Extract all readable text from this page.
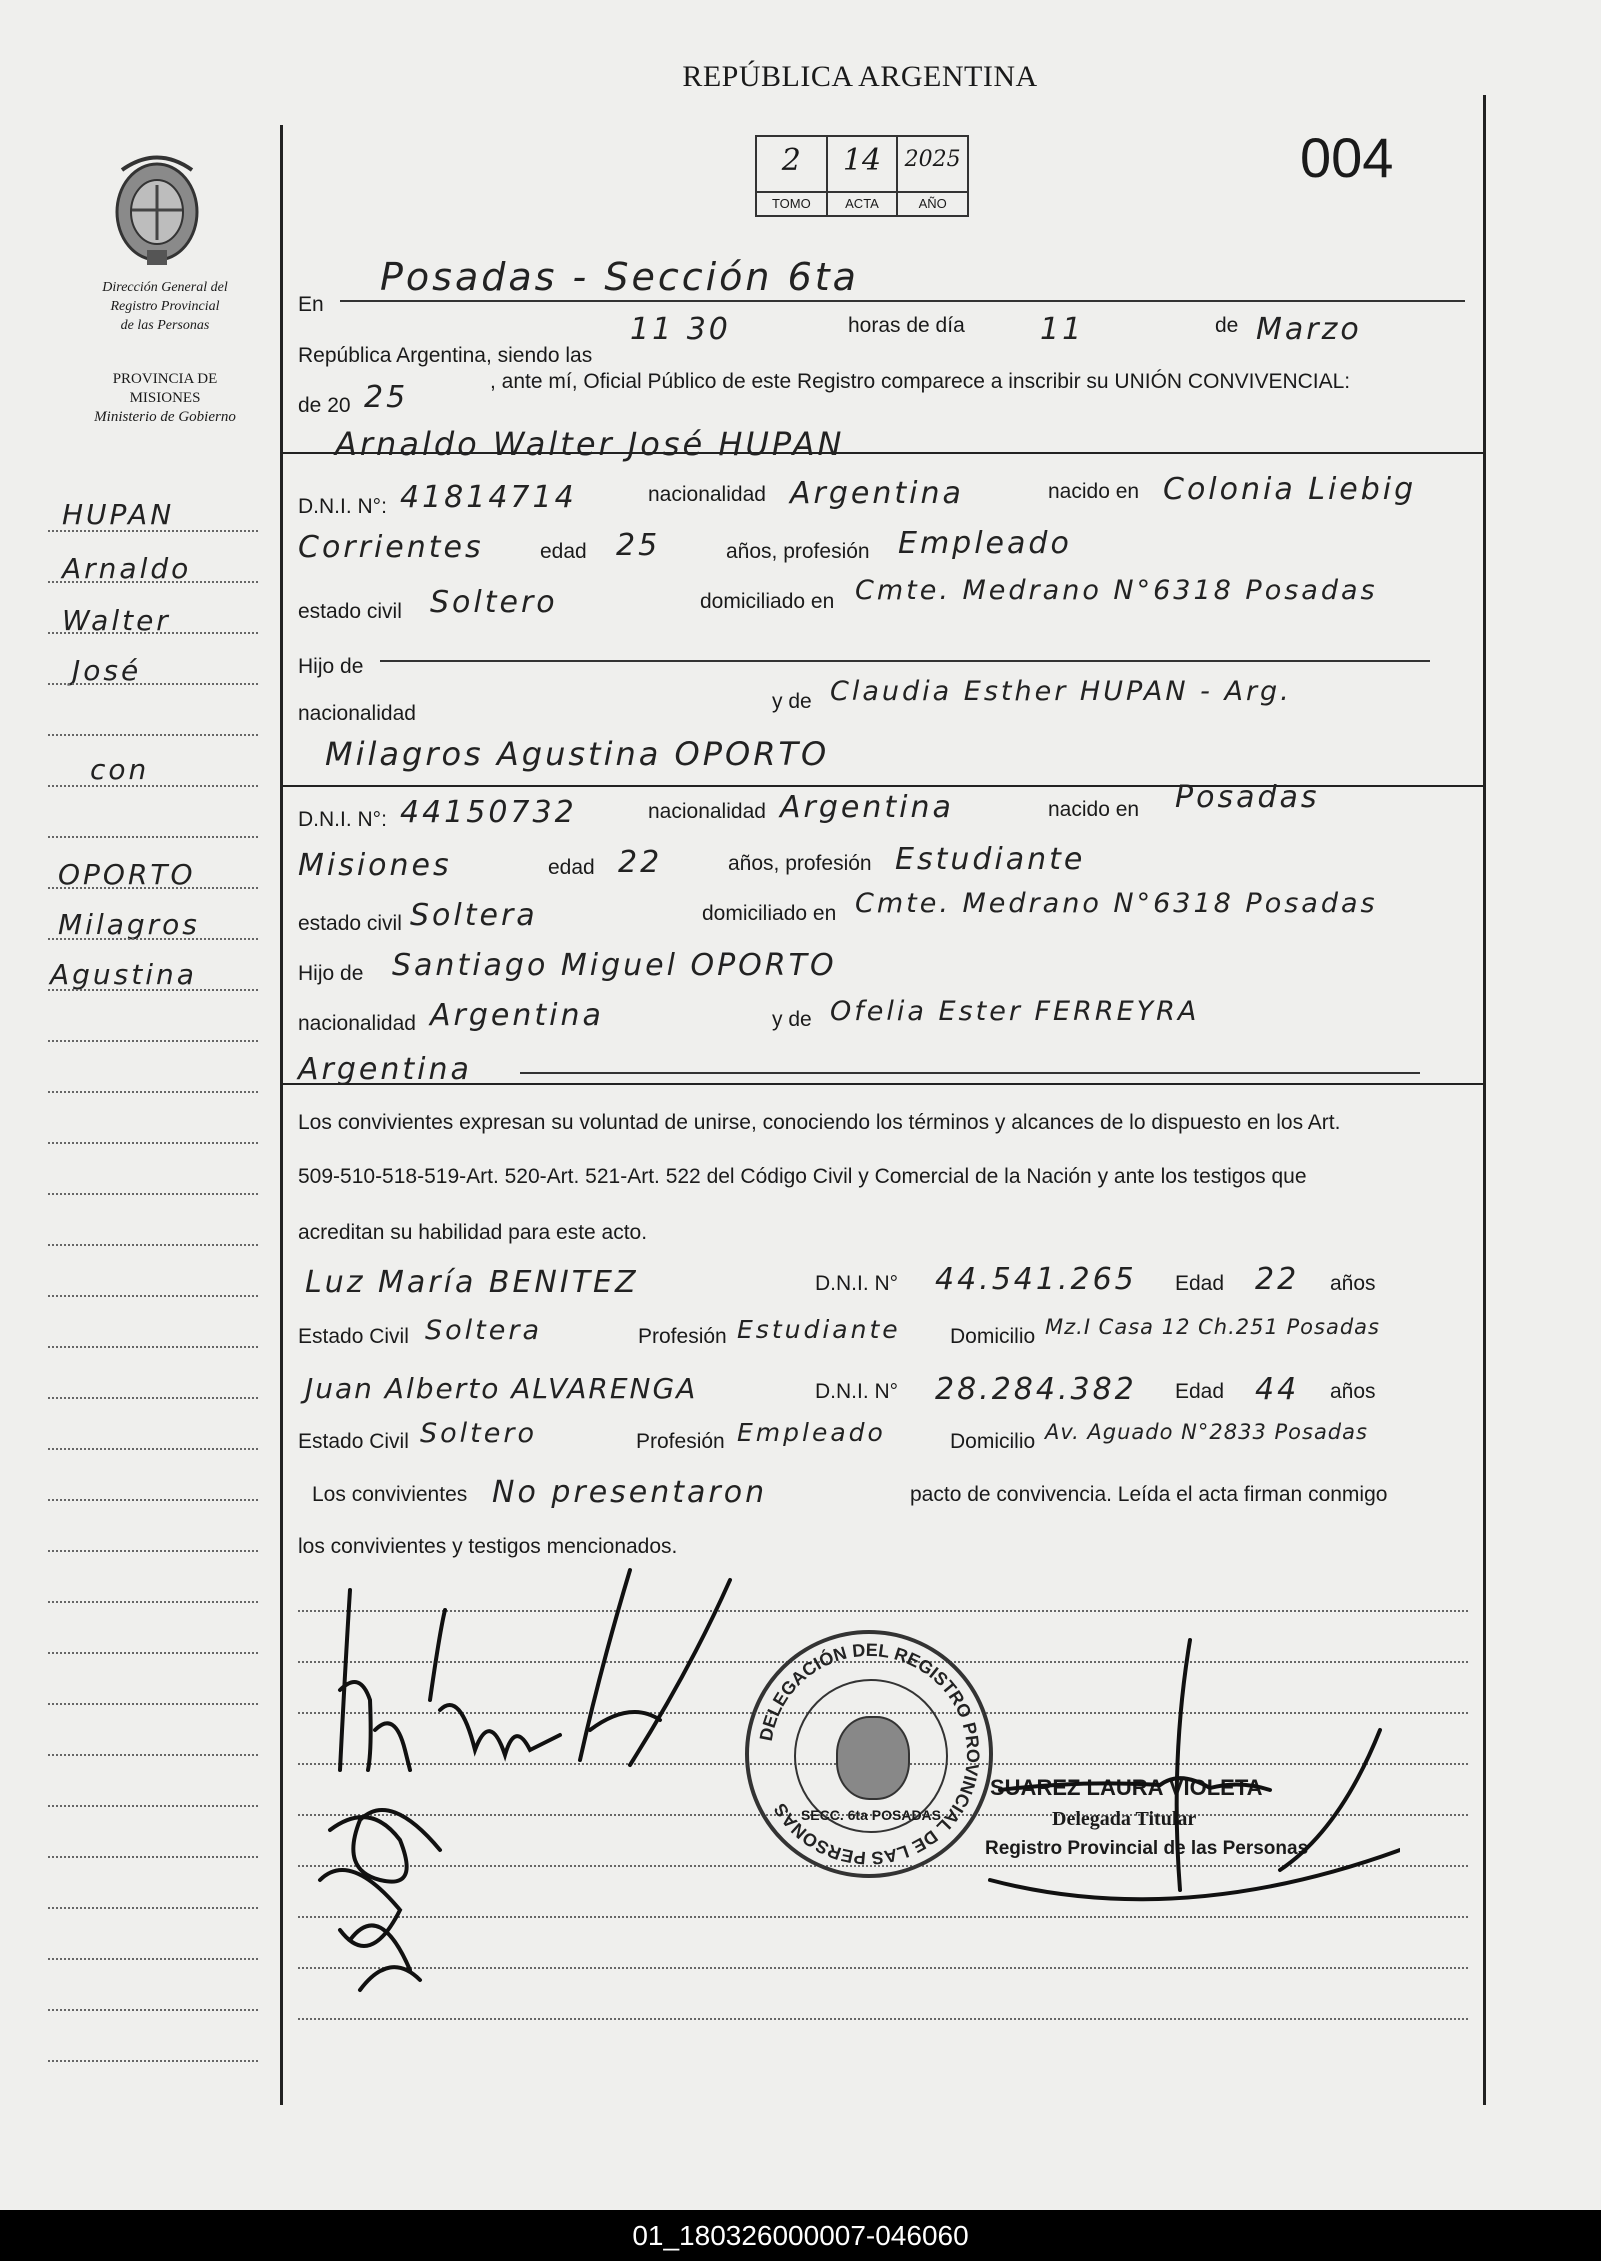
REPÚBLICA ARGENTINA
2
TOMO
14
ACTA
2025
AÑO
004
Dirección General del
Registro Provincial
de las Personas
PROVINCIA DE
MISIONES
Ministerio de Gobierno
HUPAN
Arnaldo
Walter
José
con
OPORTO
Milagros
Agustina
En
Posadas - Sección 6ta
República Argentina, siendo las
11 30	horas de día	11	de Marzo
de 20 25	, ante mí, Oficial Público de este Registro comparece a inscribir su UNIÓN CONVIVENCIAL:
Arnaldo Walter José HUPAN
D.N.I. N°: 41814714	nacionalidad Argentina	nacido en Colonia Liebig
Corrientes	edad 25	años, profesión Empleado
estado civil Soltero	domiciliado en Cmte. Medrano N°6318 Posadas
Hijo de
nacionalidad
y de Claudia Esther HUPAN - Arg.
Milagros Agustina OPORTO
D.N.I. N°: 44150732	nacionalidad Argentina	nacido en Posadas
Misiones	edad 22	años, profesión Estudiante
estado civil Soltera	domiciliado en Cmte. Medrano N°6318 Posadas
Hijo de Santiago Miguel OPORTO
nacionalidad Argentina	y de Ofelia Ester FERREYRA
Argentina
Los convivientes expresan su voluntad de unirse, conociendo los términos y alcances de lo dispuesto en los Art.
509-510-518-519-Art. 520-Art. 521-Art. 522 del Código Civil y Comercial de la Nación y ante los testigos que
acreditan su habilidad para este acto.
Luz María BENITEZ	D.N.I. N° 44.541.265 Edad 22 años
Estado Civil Soltera	Profesión Estudiante Domicilio Mz.I Casa 12 Ch.251 Posadas
Juan Alberto ALVARENGA	D.N.I. N° 28.284.382 Edad 44 años
Estado Civil Soltero	Profesión Empleado	Domicilio Av. Aguado N°2833 Posadas
Los convivientes No presentaron	pacto de convivencia. Leída el acta firman conmigo
los convivientes y testigos mencionados.
DELEGACIÓN DEL REGISTRO PROVINCIAL DE LAS PERSONAS SECC. 6ta POSADAS
SUAREZ LAURA VIOLETA
Delegada Titular
Registro Provincial de las Personas
01_180326000007-046060
